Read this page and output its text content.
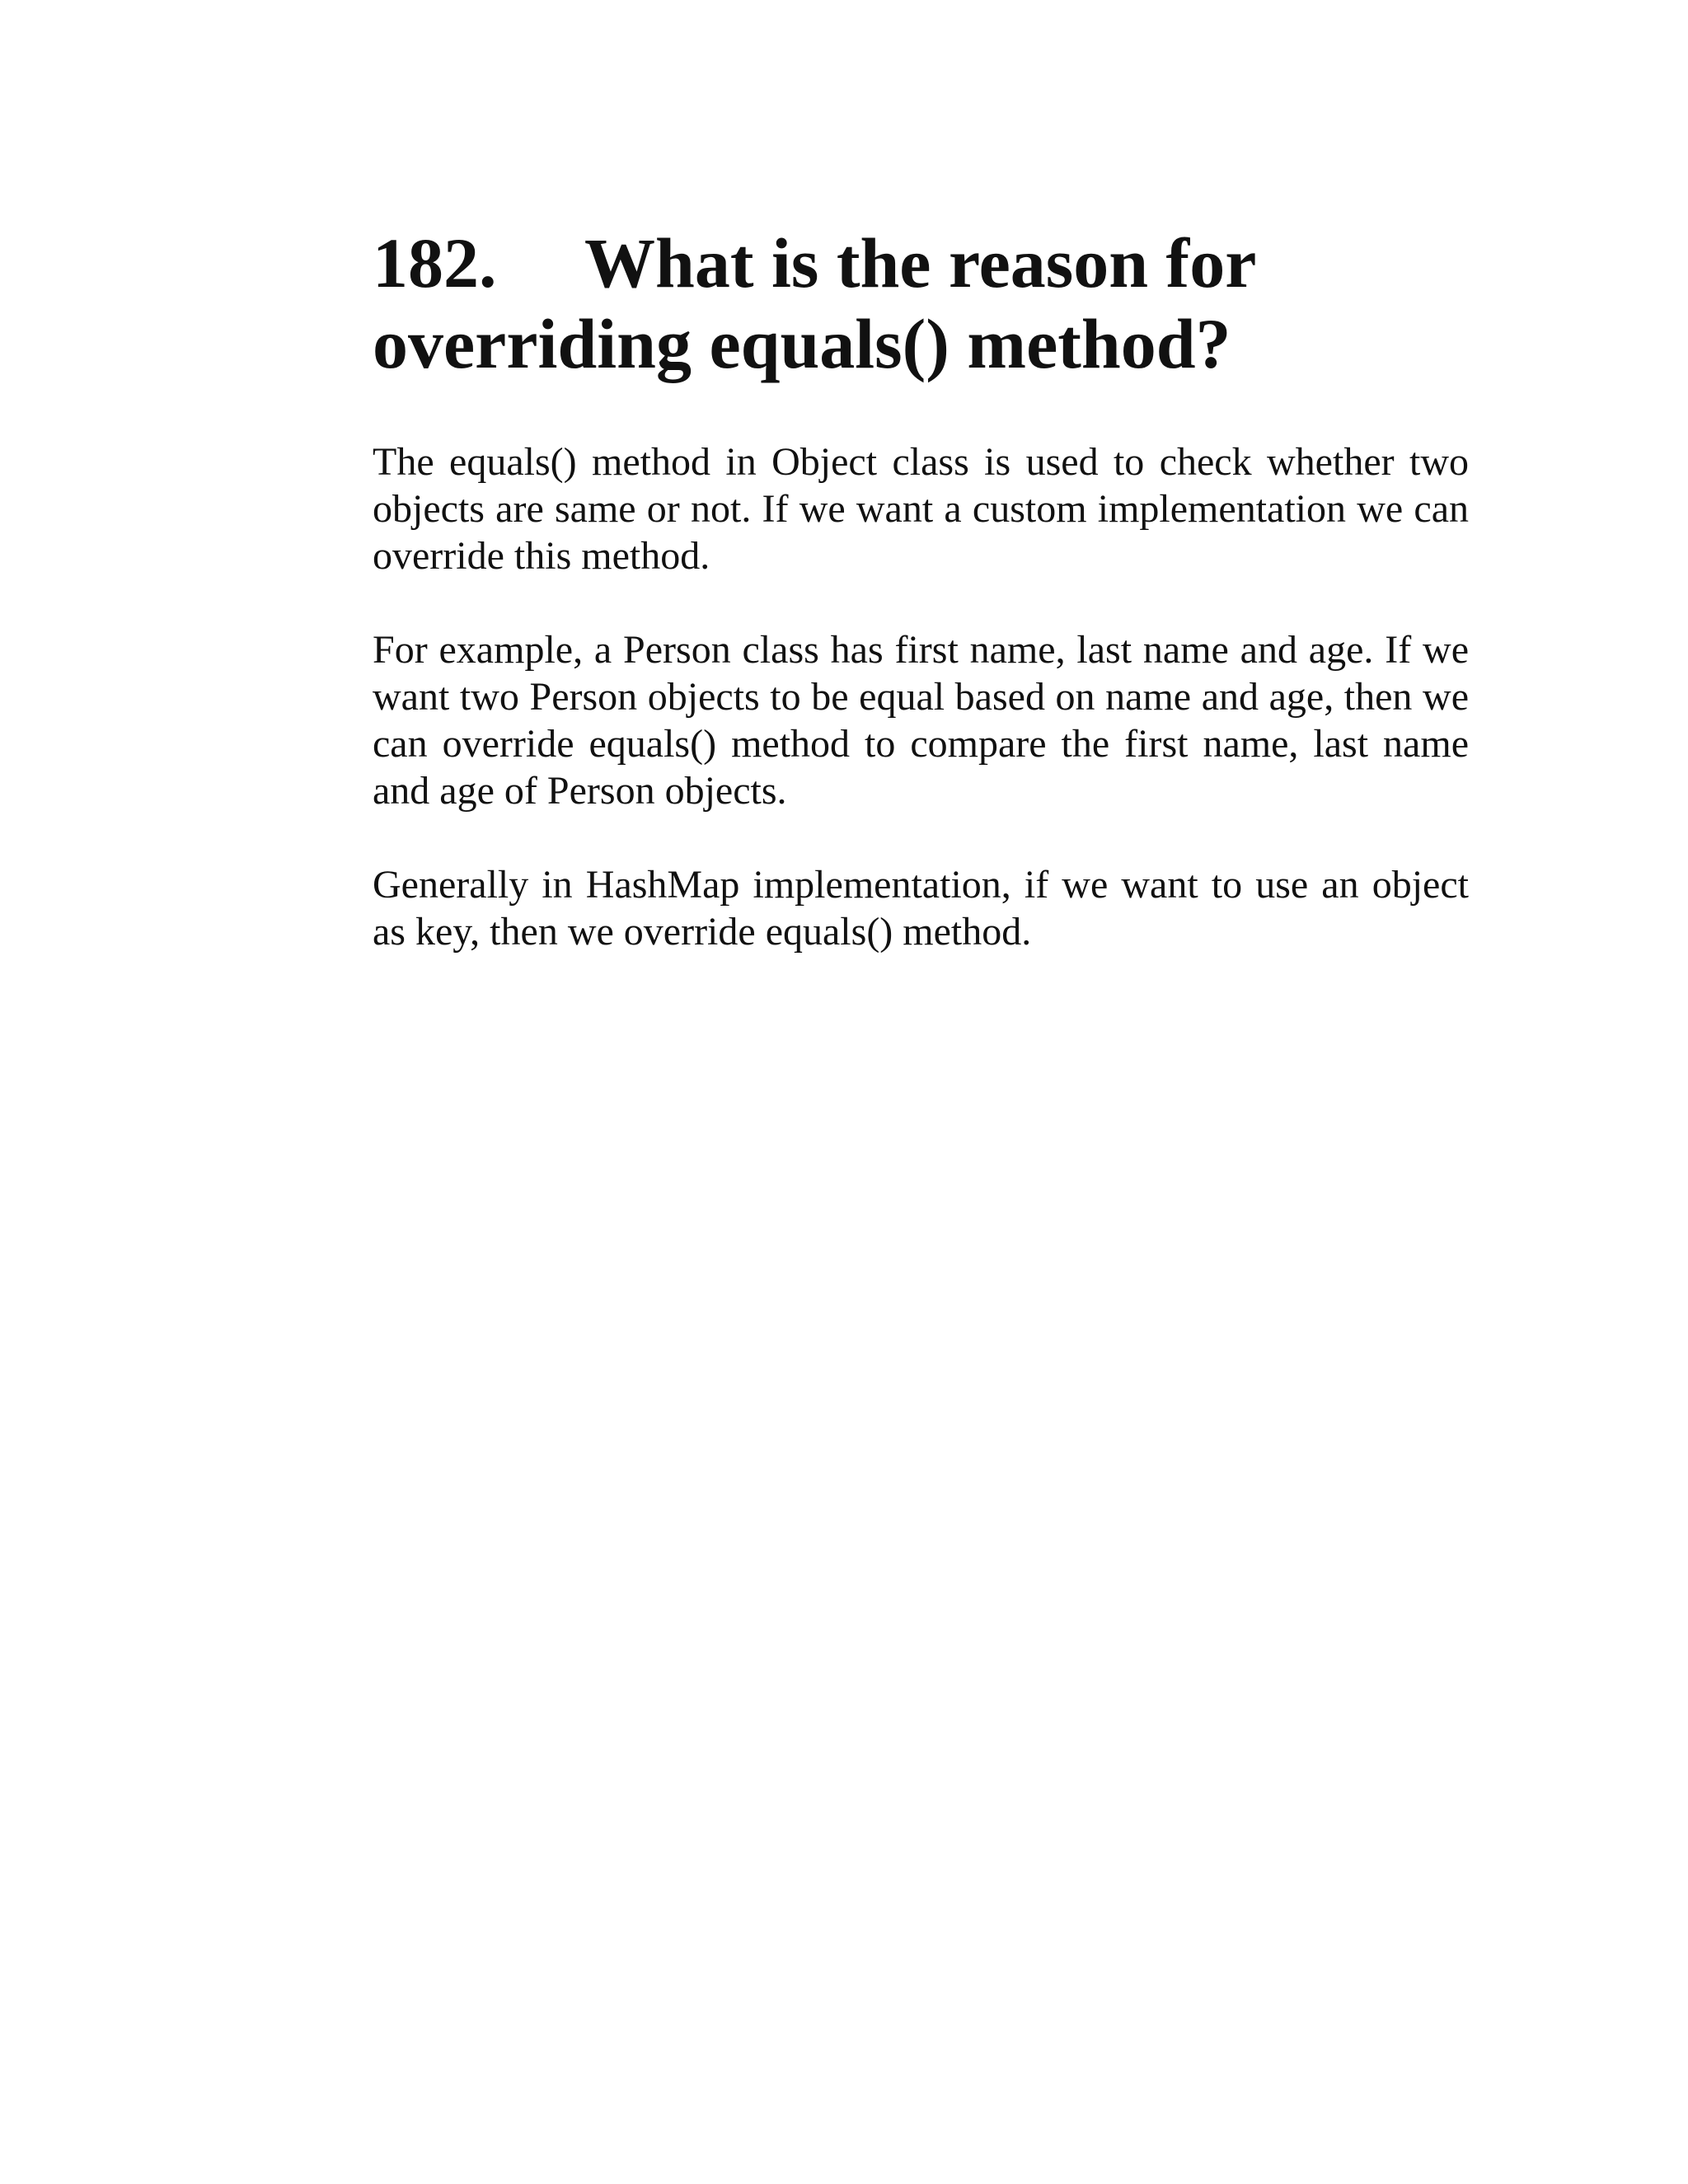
182. What is the reason for
overriding equals() method?

The equals() method in Object class is used to check whether two objects are same or not. If we want a custom implementation we can override this method.

For example, a Person class has first name, last name and age. If we want two Person objects to be equal based on name and age, then we can override equals() method to compare the first name, last name and age of Person objects.

Generally in HashMap implementation, if we want to use an object as key, then we override equals() method.
